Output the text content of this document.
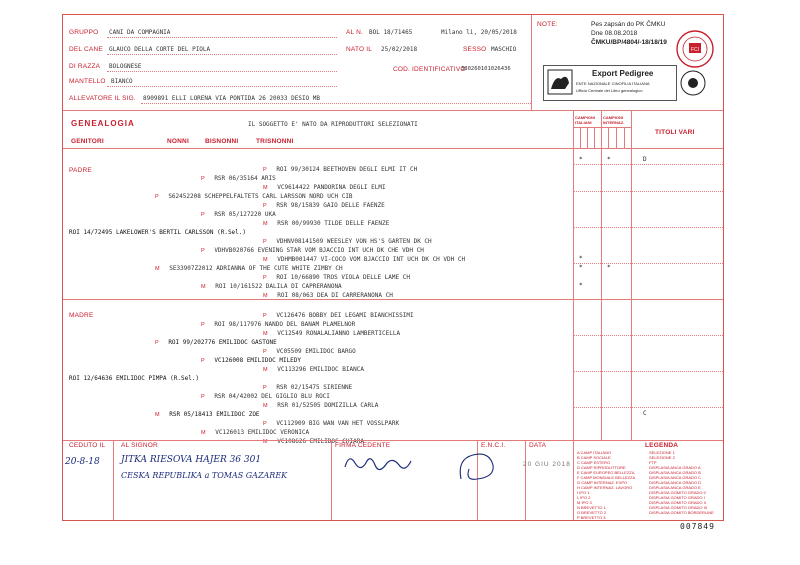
GRUPPO CANI DA COMPAGNIA	AL N. BOL 18/71465	Milano li, 20/05/2018
DEL CANE GLAUCO DELLA CORTE DEL PIOLA	NATO IL 25/02/2018	SESSO MASCHIO
DI RAZZA BOLOGNESE	COD. IDENTIFICATIVO
380260101026436
MANTELLO BIANCO
ALLEVATORE IL SIG. 8909891 ELLI LORENA VIA PONTIDA 26 20033 DESIO MB
NOTE:	Pes zapsán do PK ČMKU
Dne 08.08.2018
ČMKU/BP/4804/-18/18/19
FCI
Export Pedigree
ENTE NAZIONALE CINOFILIA ITALIANA
Ufficio Centrale del Libro genealogico
GENEALOGIA	IL SOGGETTO E' NATO DA RIPRODUTTORI SELEZIONATI
GENITORI	NONNI BISNONNI	TRISNONNI
CAMPIONI ITALIANI
CAMPIONI INTERNAZ.
TITOLI VARI
PADRE
MADRE
P ROI 99/30124 BEETHOVEN DEGLI ELMI IT CH
P RSR 06/35164 ARIS
M VC9614422 PANDORINA DEGLI ELMI
P S62452208 SCHEPPELFALTETS CARL LARSSON NORD UCH CIB
P RSR 98/15839 GAIO DELLE FAENZE
P RSR 05/127220 UKA
M RSR 00/99930 TILDE DELLE FAENZE
ROI 14/72495 LAKELOWER'S BERTIL CARLSSON (R.Sel.)
P VDHNV08141509 WEESLEY VON HS'S GARTEN DK CH
P VDHVB020766 EVENING STAR VOM BJACCIO INT UCH DK CHE VDH CH
M VDHMB001447 VI-COCO VOM BJACCIO INT UCH DK CH VDH CH
M SE33907Z2012 ADRIANNA OF THE CUTE WHITE ZIMBY CH
P ROI 10/66890 TROS VIOLA DELLE LAME CH
M ROI 10/161522 DALILA DI CAPRERANONA
M ROI 08/063 DEA DI CARRERANONA CH
P VC126476 BOBBY DEI LEGAMI BIANCHISSIMI
P ROI 98/117976 NANDO DEL BANAM PLAMELNOR
M VC12549 RONALALIANNO LAMBERTICELLA
P ROI 99/202776 EMILIDOC GASTONE
P VC05509 EMILIDOC BARGO
P VC126008 EMILIDOC MILEDY
M VC113296 EMILIDOC BIANCA
ROI 12/64636 EMILIDOC PIMPA (R.Sel.)
P RSR 02/15475 SIRIENNE
P RSR 04/42002 DEL GIGLIO BLU ROCI
M RSR 01/52505 DOMIZILLA CARLA
M RSR 05/18413 EMILIDOC ZOE
P VC112909 BIG WAN VAN HET VOSSLPARK
M VC126013 EMILIDOC VERONICA
M VC108626 EMILIDOC CHIARA
*	*
*
*	*
*
D
C
CEDUTO IL AL SIGNOR	FIRMA CEDENTE	E.N.C.I.	DATA	LEGENDA
20-8-18 JITKA RIESOVA HAJER 36 301
CESKA REPUBLIKA a TOMAS GAZAREK
20 GIU 2018
A CAMP ITALIANO
B CAMP SOCIALE
C CAMP ESTERO
D CAMP RIPRODUTTORE
E CAMP EUROPEO BELLEZZA
F CAMP MONDIALE BELLEZZA
G CAMP INTERNAZ. EXPO
H CAMP INTERNAZ. LAVORO
I IPO 1
L IPO 2
M IPO 3
N BREVETTO 1
O BREVETTO 2
P BREVETTO 3
SELEZIONE 1
SELEZIONE 2
FTP
DISPLASIA ANCA GRADO A
DISPLASIA ANCA GRADO B
DISPLASIA ANCA GRADO C
DISPLASIA ANCA GRADO D
DISPLASIA ANCA GRADO E
DISPLASIA GOMITO GRADO 0
DISPLASIA GOMITO GRADO I
DISPLASIA GOMITO GRADO II
DISPLASIA GOMITO GRADO III
DISPLASIA GOMITO BORDERLINE
007849
